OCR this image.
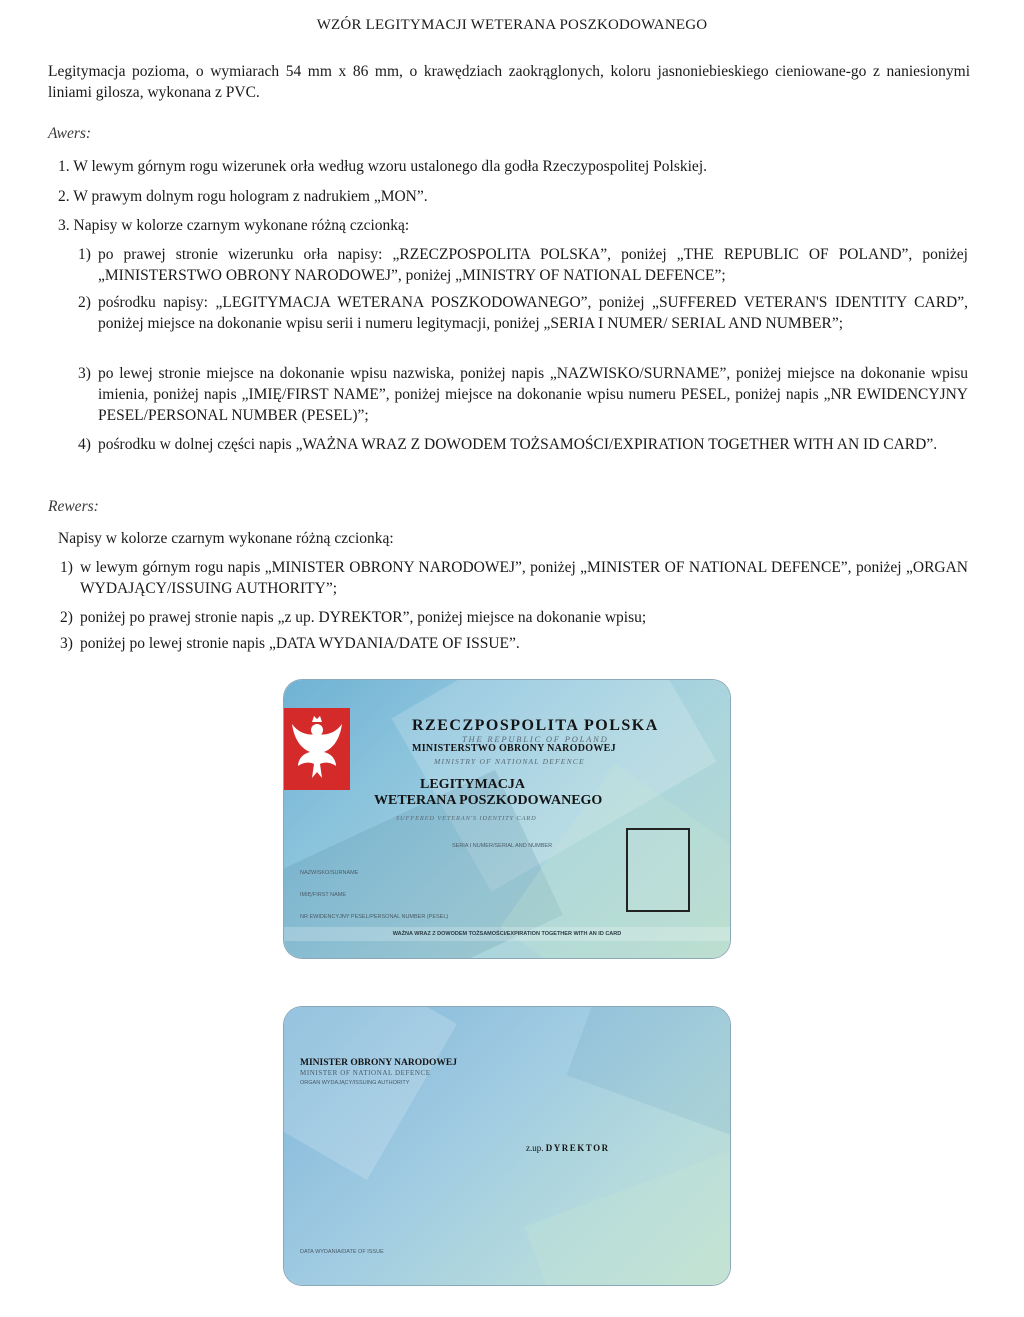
WZÓR LEGITYMACJI WETERANA POSZKODOWANEGO
Legitymacja pozioma, o wymiarach 54 mm x 86 mm, o krawędziach zaokrąglonych, koloru jasnoniebieskiego cieniowane-go z naniesionymi liniami gilosza, wykonana z PVC.
Awers:

1. W lewym górnym rogu wizerunek orła według wzoru ustalonego dla godła Rzeczypospolitej Polskiej.

2. W prawym dolnym rogu hologram z nadrukiem „MON”.

3. Napisy w kolorze czarnym wykonane różną czcionką:

1) po prawej stronie wizerunku orła napisy: „RZECZPOSPOLITA POLSKA”, poniżej „THE REPUBLIC OF POLAND”, poniżej „MINISTERSTWO OBRONY NARODOWEJ”, poniżej „MINISTRY OF NATIONAL DEFENCE”;
2) pośrodku napisy: „LEGITYMACJA WETERANA POSZKODOWANEGO”, poniżej „SUFFERED VETERAN'S IDENTITY CARD”, poniżej miejsce na dokonanie wpisu serii i numeru legitymacji, poniżej „SERIA I NUMER/ SERIAL AND NUMBER”;
3) po lewej stronie miejsce na dokonanie wpisu nazwiska, poniżej napis „NAZWISKO/SURNAME”, poniżej miejsce na dokonanie wpisu imienia, poniżej napis „IMIĘ/FIRST NAME”, poniżej miejsce na dokonanie wpisu numeru PESEL, poniżej napis „NR EWIDENCYJNY PESEL/PERSONAL NUMBER (PESEL)”;
4) pośrodku w dolnej części napis „WAŻNA WRAZ Z DOWODEM TOŻSAMOŚCI/EXPIRATION TOGETHER WITH AN ID CARD”.
Rewers:

Napisy w kolorze czarnym wykonane różną czcionką:

1) w lewym górnym rogu napis „MINISTER OBRONY NARODOWEJ”, poniżej „MINISTER OF NATIONAL DEFENCE”, poniżej „ORGAN WYDAJĄCY/ISSUING AUTHORITY”;
2) poniżej po prawej stronie napis „z up. DYREKTOR”, poniżej miejsce na dokonanie wpisu;
3) poniżej po lewej stronie napis „DATA WYDANIA/DATE OF ISSUE”.
RZECZPOSPOLITA POLSKA
THE REPUBLIC OF POLAND
MINISTERSTWO OBRONY NARODOWEJ
MINISTRY OF NATIONAL DEFENCE
LEGITYMACJA
WETERANA POSZKODOWANEGO
SUFFERED VETERAN'S IDENTITY CARD
SERIA I NUMER/SERIAL AND NUMBER
NAZWISKO/SURNAME
IMIĘ/FIRST NAME
NR EWIDENCYJNY PESEL/PERSONAL NUMBER (PESEL)
WAŻNA WRAZ Z DOWODEM TOŻSAMOŚCI/EXPIRATION TOGETHER WITH AN ID CARD
MINISTER OBRONY NARODOWEJ
MINISTER OF NATIONAL DEFENCE
ORGAN WYDAJĄCY/ISSUING AUTHORITY
z.up. DYREKTOR
DATA WYDANIA/DATE OF ISSUE
